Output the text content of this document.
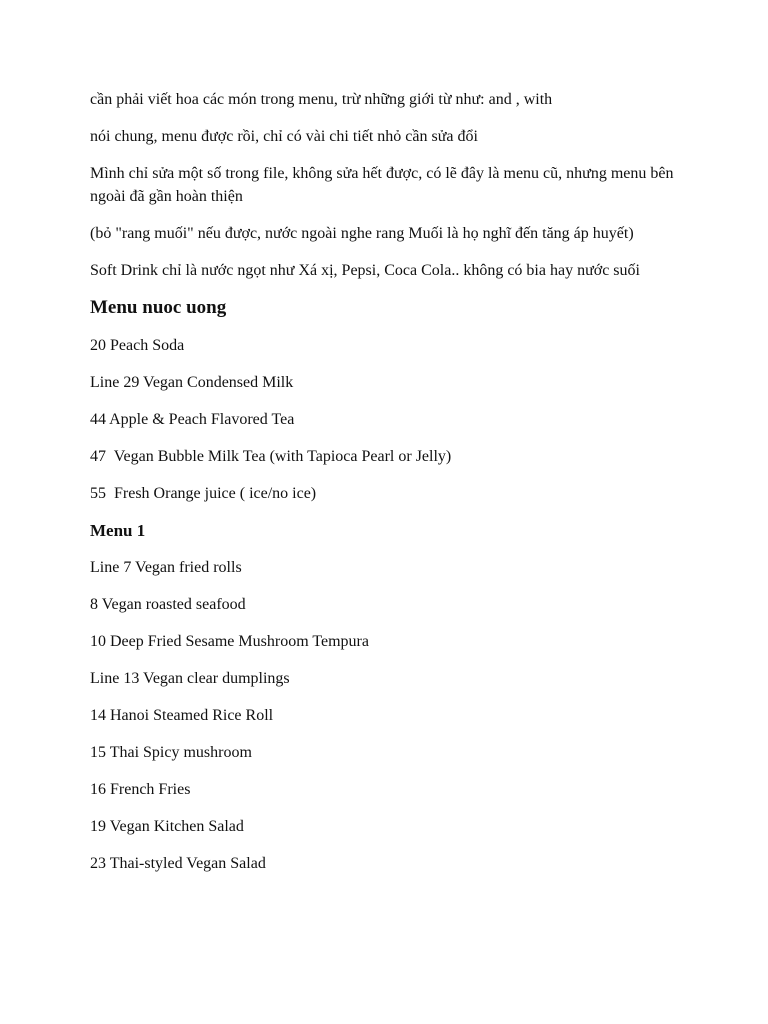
cần phải viết hoa các món trong menu, trừ những giới từ như: and , with

nói chung, menu được rồi, chỉ có vài chi tiết nhỏ cần sửa đổi

Mình chỉ sửa một số trong file, không sửa hết được, có lẽ đây là menu cũ, nhưng menu bên ngoài đã gần hoàn thiện

(bỏ "rang muối" nếu được, nước ngoài nghe rang Muối là họ nghĩ đến tăng áp huyết)

Soft Drink chỉ là nước ngọt như Xá xị, Pepsi, Coca Cola.. không có bia hay nước suối

Menu nuoc uong
20 Peach Soda
Line 29 Vegan Condensed Milk
44 Apple & Peach Flavored Tea
47  Vegan Bubble Milk Tea (with Tapioca Pearl or Jelly)
55  Fresh Orange juice ( ice/no ice)
Menu 1
Line 7 Vegan fried rolls
8 Vegan roasted seafood
10 Deep Fried Sesame Mushroom Tempura
Line 13 Vegan clear dumplings
14 Hanoi Steamed Rice Roll
15 Thai Spicy mushroom
16 French Fries
19 Vegan Kitchen Salad
23 Thai-styled Vegan Salad
